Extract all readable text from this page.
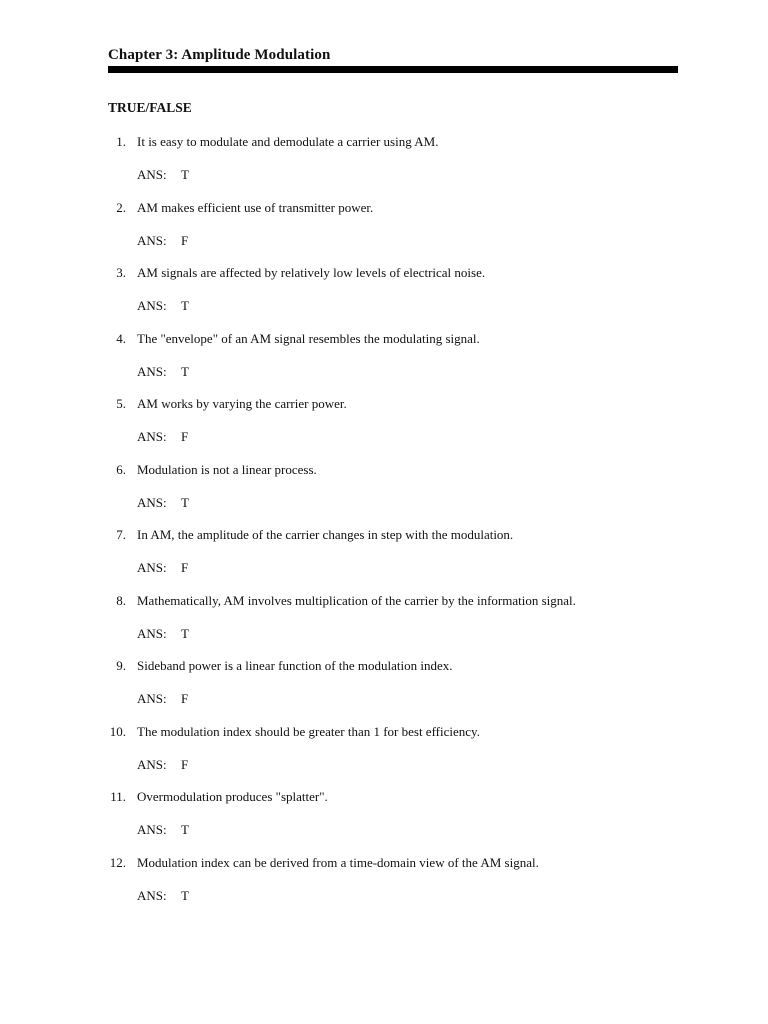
Chapter 3: Amplitude Modulation
TRUE/FALSE
1. It is easy to modulate and demodulate a carrier using AM.
ANS: T
2. AM makes efficient use of transmitter power.
ANS: F
3. AM signals are affected by relatively low levels of electrical noise.
ANS: T
4. The "envelope" of an AM signal resembles the modulating signal.
ANS: T
5. AM works by varying the carrier power.
ANS: F
6. Modulation is not a linear process.
ANS: T
7. In AM, the amplitude of the carrier changes in step with the modulation.
ANS: F
8. Mathematically, AM involves multiplication of the carrier by the information signal.
ANS: T
9. Sideband power is a linear function of the modulation index.
ANS: F
10. The modulation index should be greater than 1 for best efficiency.
ANS: F
11. Overmodulation produces "splatter".
ANS: T
12. Modulation index can be derived from a time-domain view of the AM signal.
ANS: T
